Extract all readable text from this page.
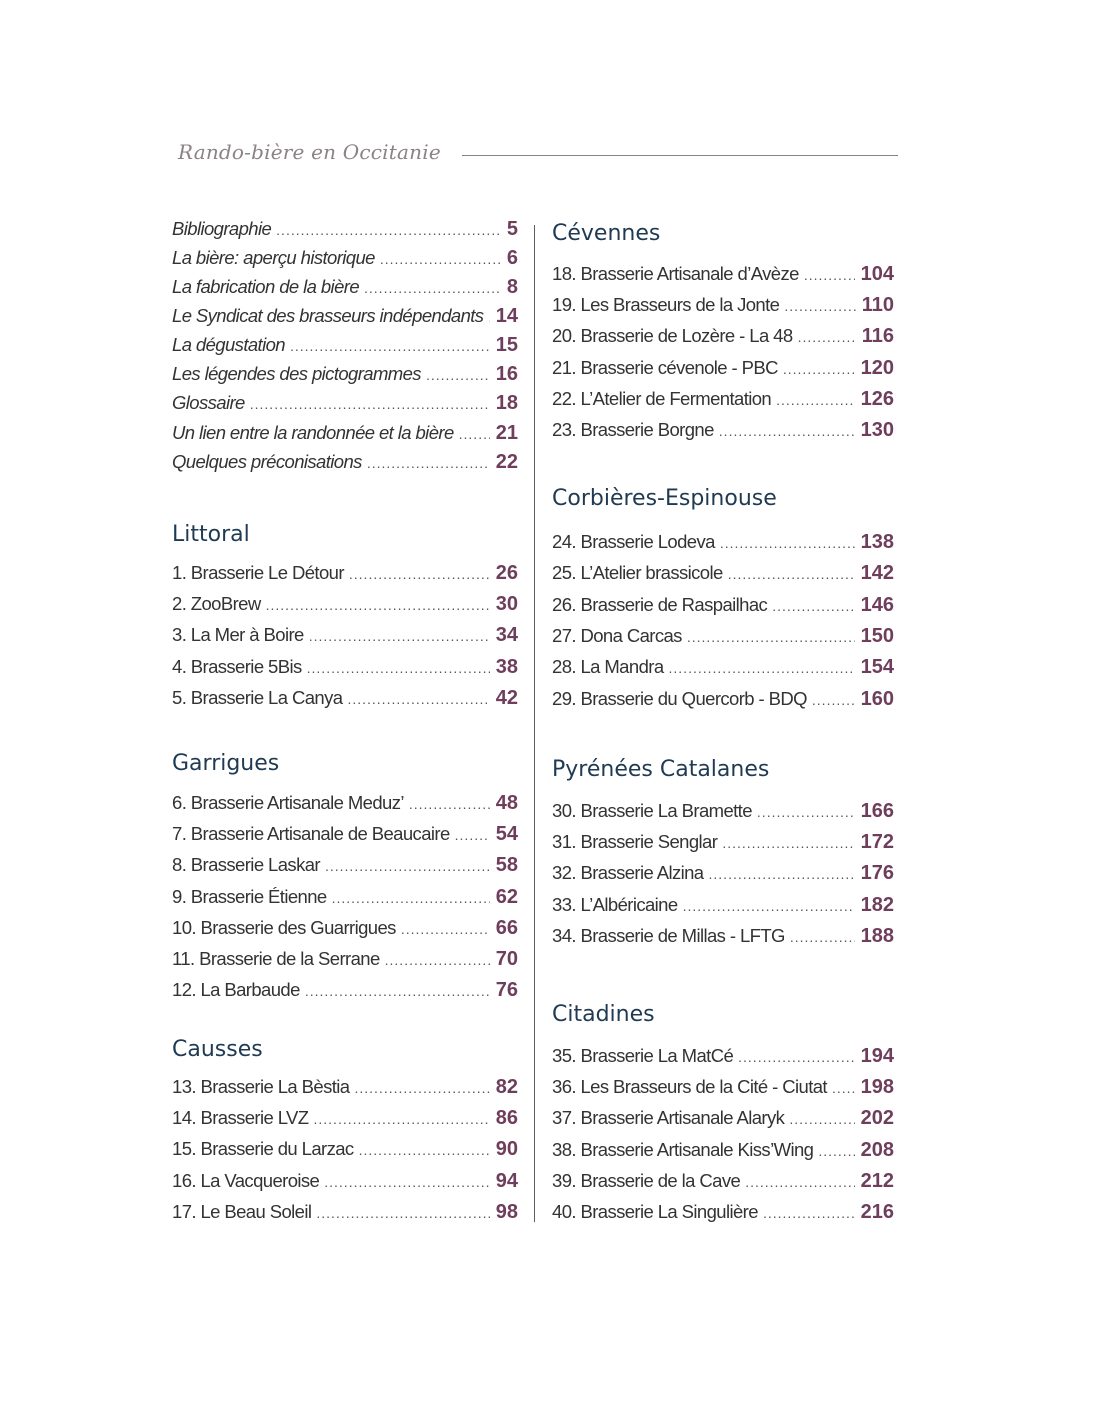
Rando-bière en Occitanie
Bibliographie .....	5
La bière: aperçu historique .....	6
La fabrication de la bière .....	8
Le Syndicat des brasseurs indépendants ..... 14
La dégustation .....	15
Les légendes des pictogrammes .....	16
Glossaire .....	18
Un lien entre la randonnée et la bière ..... 21
Quelques préconisations .....	22
Littoral
1. Brasserie Le Détour .....	26
2. ZooBrew .....	30
3. La Mer à Boire .....	34
4. Brasserie 5Bis .....	38
5. Brasserie La Canya .....	42
Garrigues
6. Brasserie Artisanale Meduz’ .....	48
7. Brasserie Artisanale de Beaucaire ..... 54
8. Brasserie Laskar .....	58
9. Brasserie Étienne .....	62
10. Brasserie des Guarrigues .....	66
11. Brasserie de la Serrane .....	70
12. La Barbaude .....	76
Causses
13. Brasserie La Bèstia .....	82
14. Brasserie LVZ .....	86
15. Brasserie du Larzac .....	90
16. La Vacqueroise .....	94
17. Le Beau Soleil .....	98
Cévennes
18. Brasserie Artisanale d’Avèze .....	104
19. Les Brasseurs de la Jonte .....	110
20. Brasserie de Lozère - La 48 .....	116
21. Brasserie cévenole - PBC .....	120
22. L’Atelier de Fermentation .....	126
23. Brasserie Borgne .....	130
Corbières-Espinouse
24. Brasserie Lodeva .....	138
25. L’Atelier brassicole .....	142
26. Brasserie de Raspailhac .....	146
27. Dona Carcas .....	150
28. La Mandra .....	154
29. Brasserie du Quercorb - BDQ .....	160
Pyrénées Catalanes
30. Brasserie La Bramette .....	166
31. Brasserie Senglar .....	172
32. Brasserie Alzina .....	176
33. L’Albéricaine .....	182
34. Brasserie de Millas - LFTG .....	188
Citadines
35. Brasserie La MatCé .....	194
36. Les Brasseurs de la Cité - Ciutat ..... 198
37. Brasserie Artisanale Alaryk .....	202
38. Brasserie Artisanale Kiss’Wing ..... 208
39. Brasserie de la Cave .....	212
40. Brasserie La Singulière .....	216
